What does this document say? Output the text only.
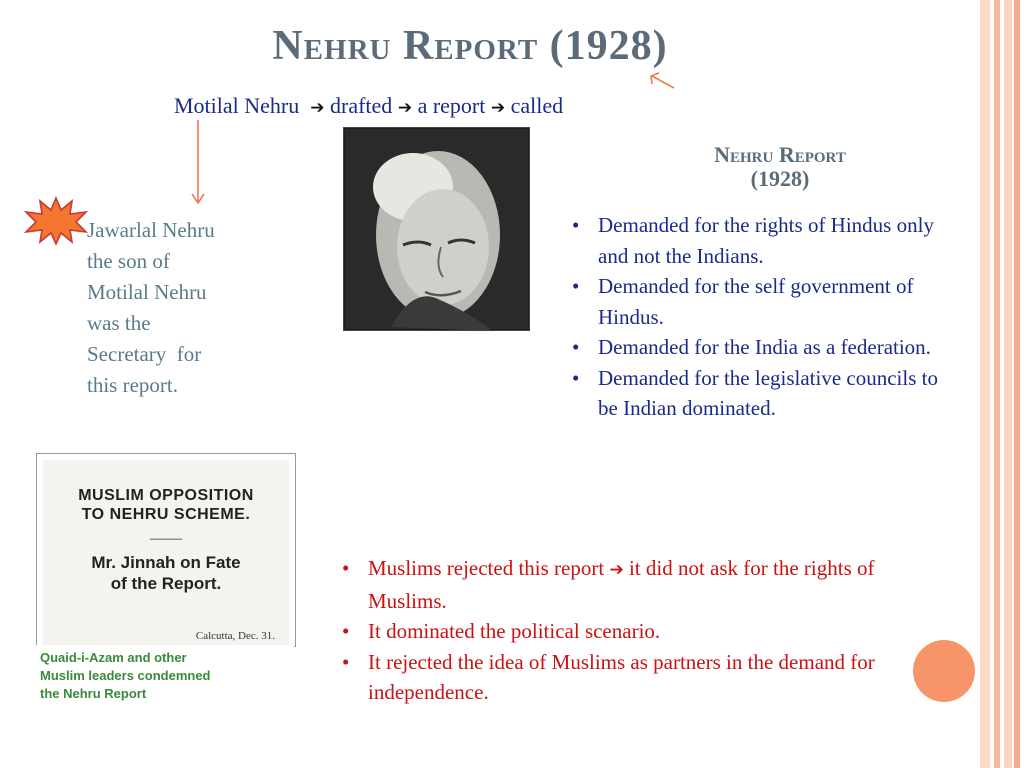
Nehru Report (1928)
Motilal Nehru ➔ drafted ➔ a report ➔ called
Nehru Report
(1928)
Jawarlal Nehru
the son of
Motilal Nehru
was the
Secretary  for
this report.
• Demanded for the rights of Hindus only and not the Indians.
• Demanded for the self government of Hindus.
• Demanded for the India as a federation.
• Demanded for the legislative councils to be Indian dominated.
MUSLIM OPPOSITION
TO NEHRU SCHEME.
——
Mr. Jinnah on Fate
of the Report.
Calcutta, Dec. 31.
Quaid-i-Azam and other
Muslim leaders condemned
the Nehru Report
• Muslims rejected this report ➔ it did not ask for the rights of Muslims.
• It dominated the political scenario.
• It rejected the idea of Muslims as partners in the demand for independence.
